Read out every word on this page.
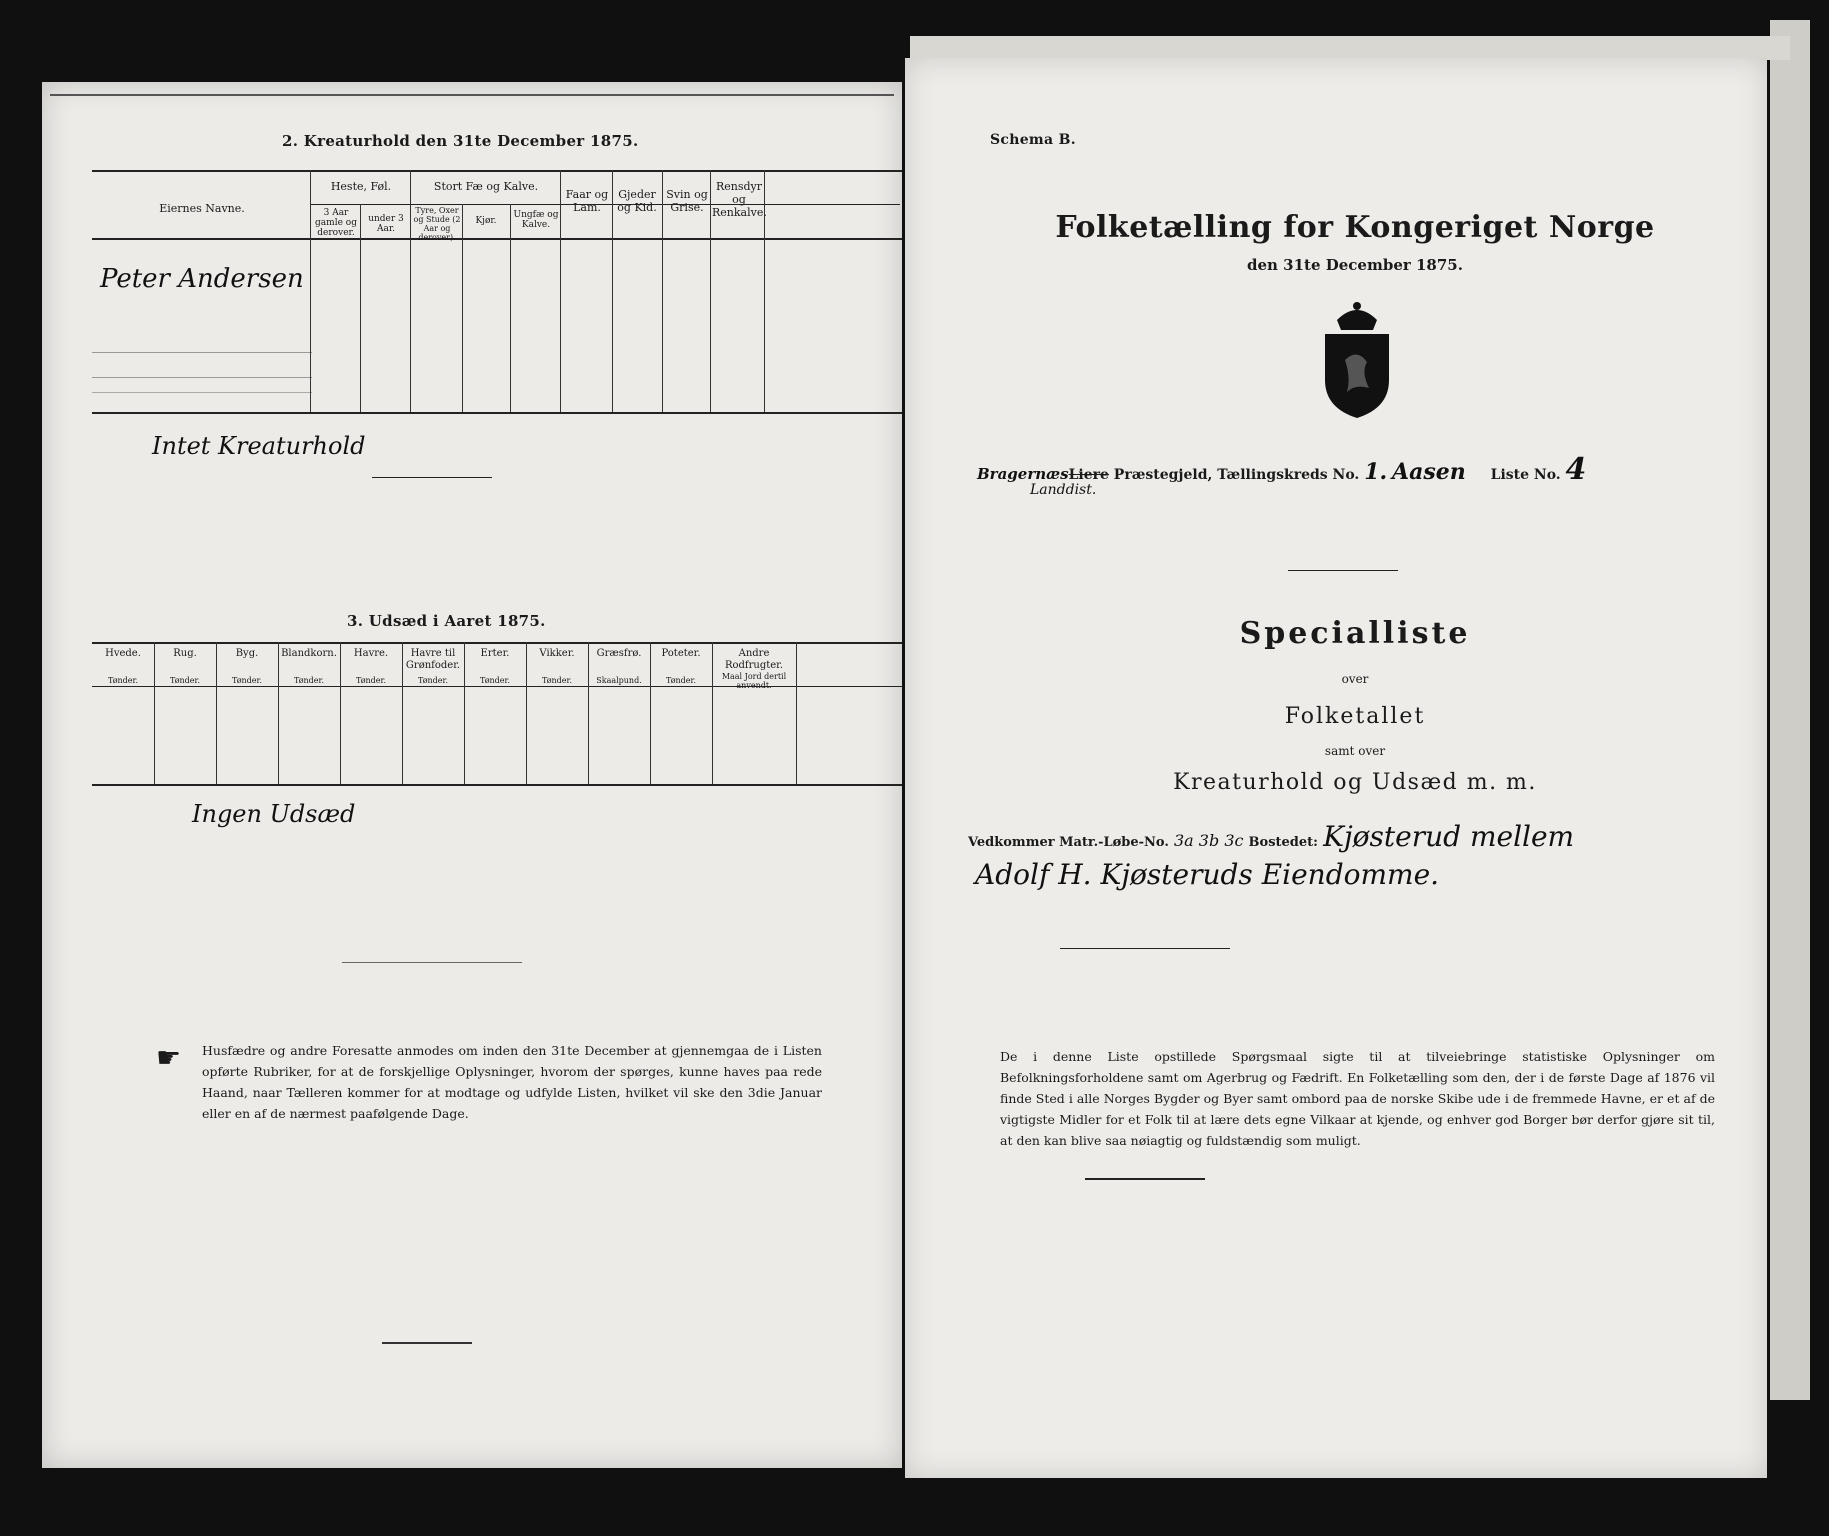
2. Kreaturhold den 31te December 1875.
Eiernes Navne.
Heste, Føl.
3 Aar gamle og derover.
under 3 Aar.
Stort Fæ og Kalve.
Tyre, Oxer og Stude (2 Aar og derover).
Kjør.
Ungfæ og Kalve.
Faar og Lam.
Gjeder og Kid.
Svin og Grise.
Rensdyr og Renkalve.
Peter Andersen
Intet Kreaturhold
3. Udsæd i Aaret 1875.
Hvede.
Tønder.
Rug.
Tønder.
Byg.
Tønder.
Blandkorn.
Tønder.
Havre.
Tønder.
Havre til Grønfoder.
Tønder.
Erter.
Tønder.
Vikker.
Tønder.
Græsfrø.
Skaalpund.
Poteter.
Tønder.
Andre Rodfrugter.
Maal Jord dertil anvendt.
Ingen Udsæd
☛ Husfædre og andre Foresatte anmodes om inden den 31te December at gjennemgaa de i Listen opførte Rubriker, for at de forskjellige Oplysninger, hvorom der spørges, kunne haves paa rede Haand, naar Tælleren kommer for at modtage og udfylde Listen, hvilket vil ske den 3die Januar eller en af de nærmest paafølgende Dage.
Schema B.
Folketælling for Kongeriget Norge
den 31te December 1875.
BragernæsLiere Præstegjeld, Tællingskreds No. 1. Aasen Liste No. 4
Landdist.
Specialliste
over
Folketallet
samt over
Kreaturhold og Udsæd m. m.
Vedkommer Matr.-Løbe-No. 3a 3b 3c Bostedet: Kjøsterud mellem
Adolf H. Kjøsteruds Eiendomme.
De i denne Liste opstillede Spørgsmaal sigte til at tilveiebringe statistiske Oplysninger om Befolkningsforholdene samt om Agerbrug og Fædrift. En Folketælling som den, der i de første Dage af 1876 vil finde Sted i alle Norges Bygder og Byer samt ombord paa de norske Skibe ude i de fremmede Havne, er et af de vigtigste Midler for et Folk til at lære dets egne Vilkaar at kjende, og enhver god Borger bør derfor gjøre sit til, at den kan blive saa nøiagtig og fuldstændig som muligt.
